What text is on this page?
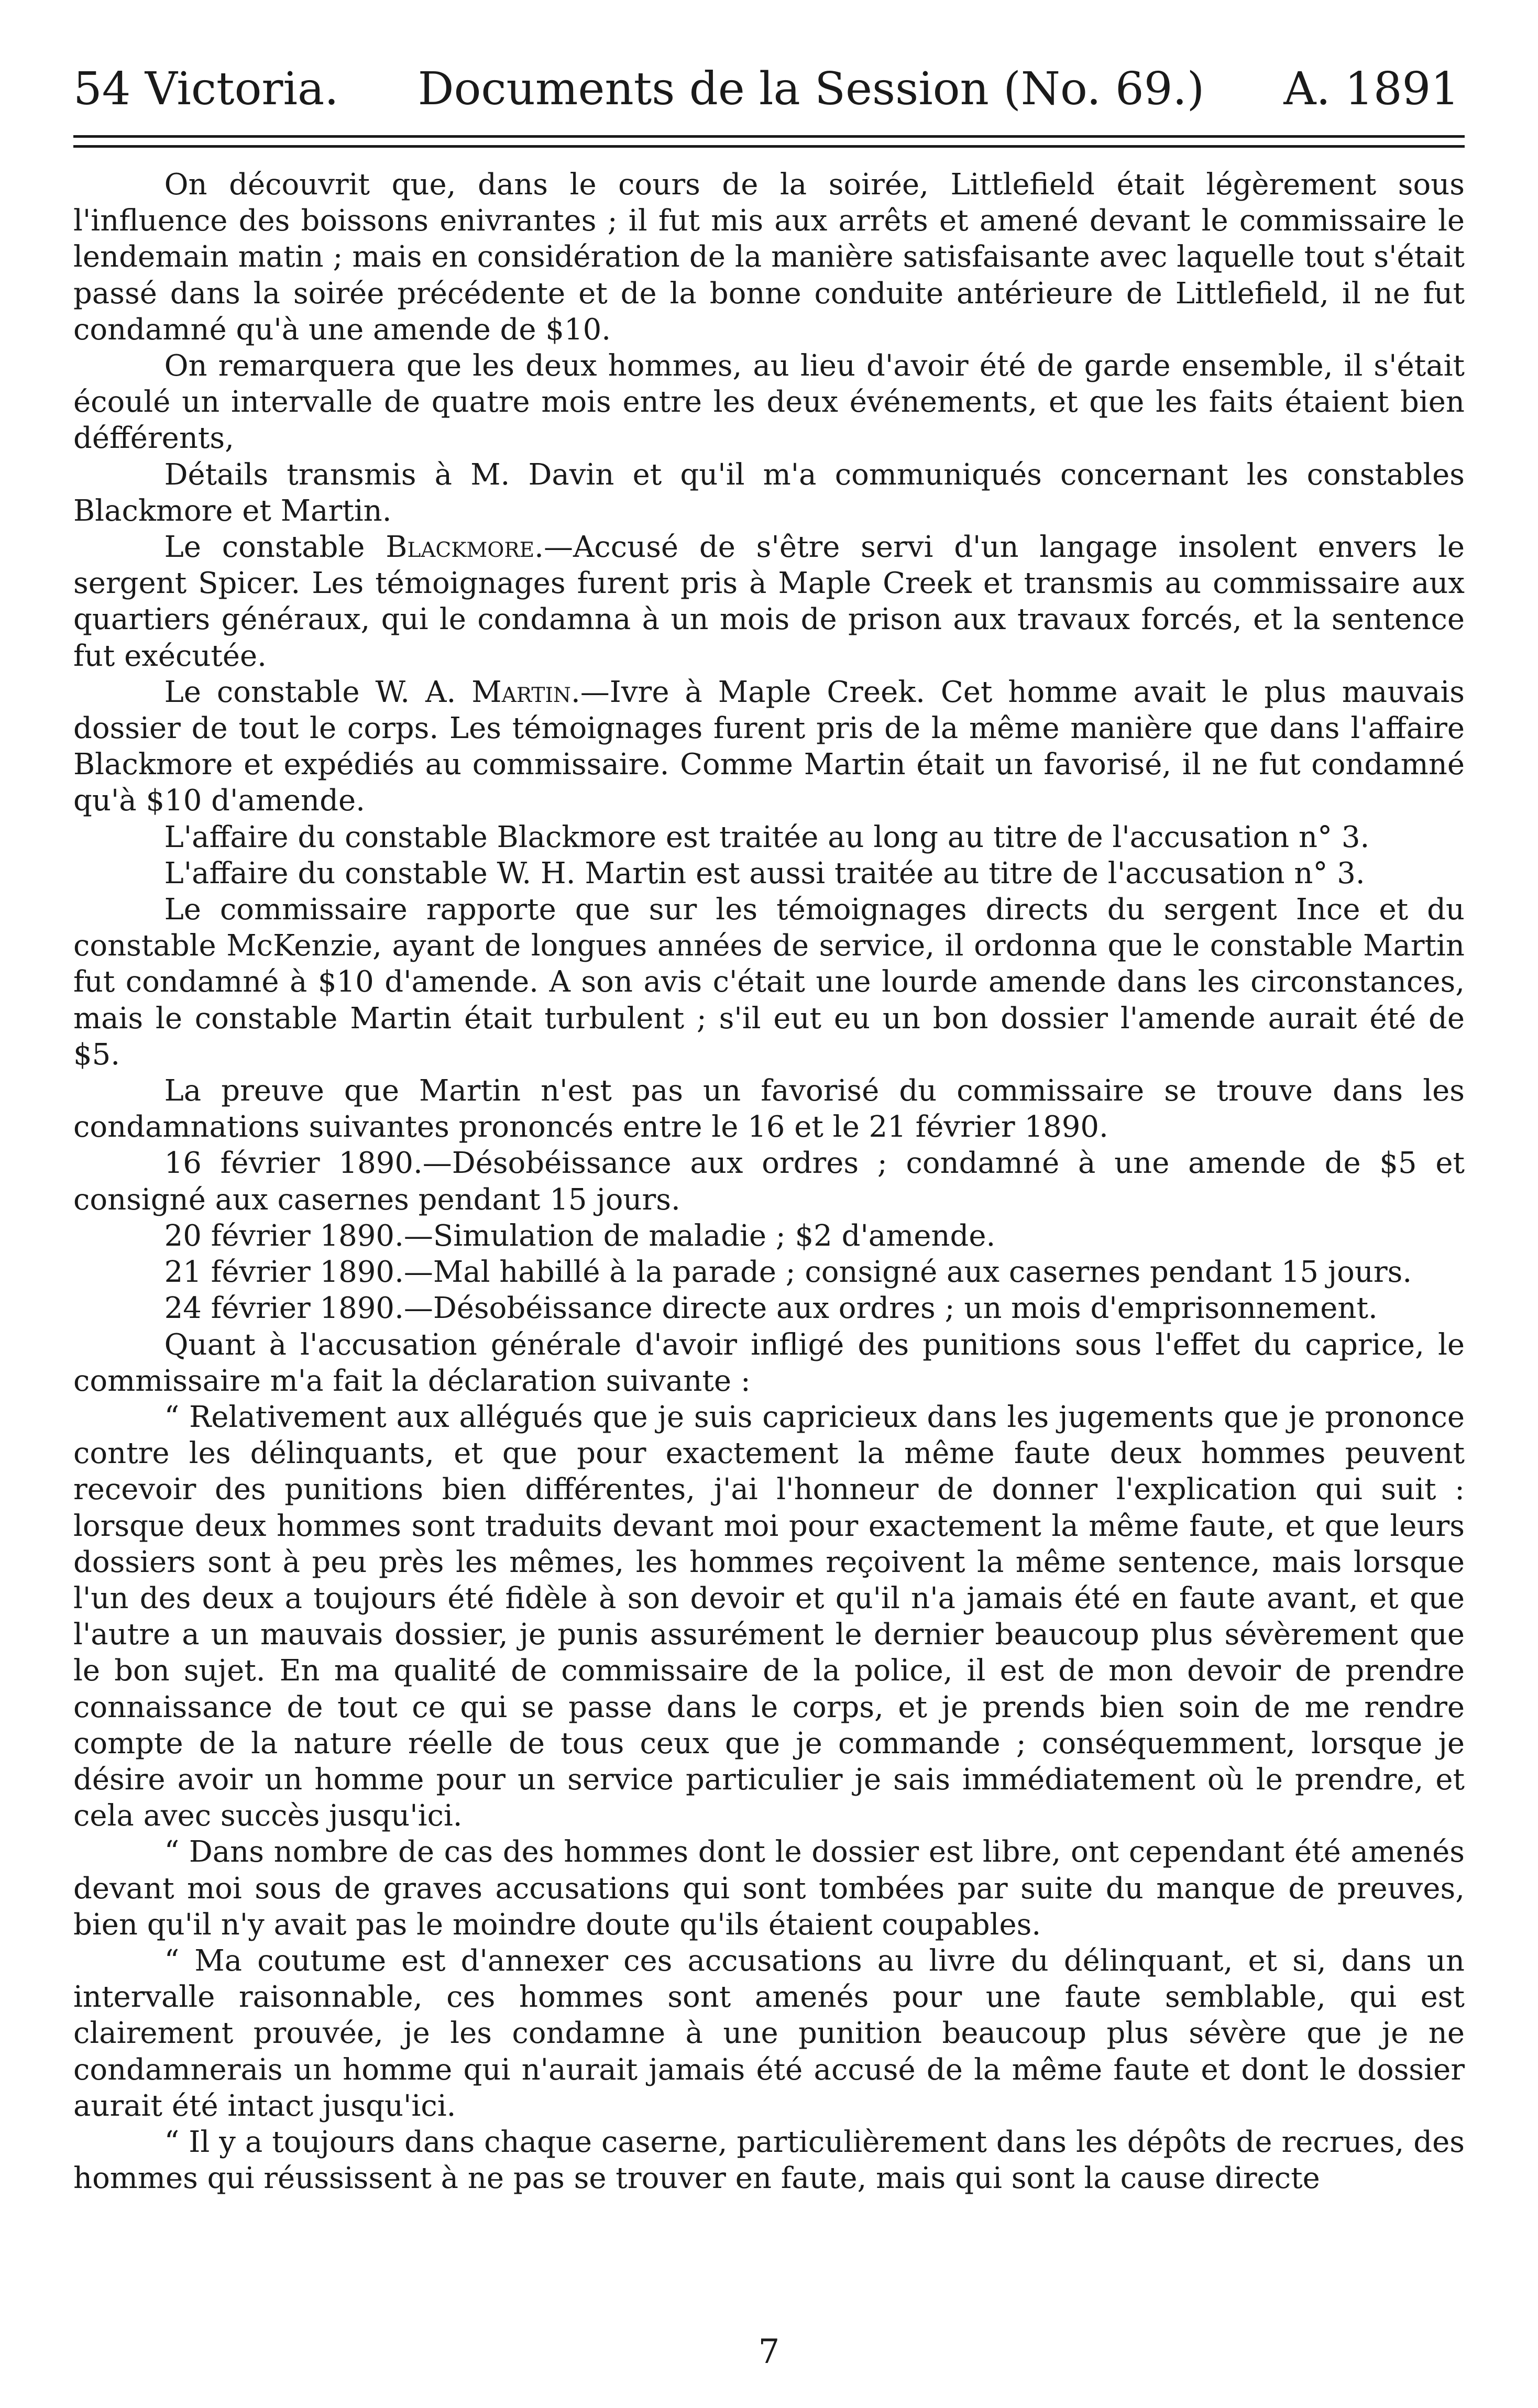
54 Victoria. Documents de la Session (No. 69.) A. 1891

On découvrit que, dans le cours de la soirée, Littlefield était légèrement sous l'influence des boissons enivrantes ; il fut mis aux arrêts et amené devant le commissaire le lendemain matin ; mais en considération de la manière satisfaisante avec laquelle tout s'était passé dans la soirée précédente et de la bonne conduite antérieure de Littlefield, il ne fut condamné qu'à une amende de $10.

On remarquera que les deux hommes, au lieu d'avoir été de garde ensemble, il s'était écoulé un intervalle de quatre mois entre les deux événements, et que les faits étaient bien défférents,

Détails transmis à M. Davin et qu'il m'a communiqués concernant les constables Blackmore et Martin.

Le constable Blackmore.—Accusé de s'être servi d'un langage insolent envers le sergent Spicer. Les témoignages furent pris à Maple Creek et transmis au commissaire aux quartiers généraux, qui le condamna à un mois de prison aux travaux forcés, et la sentence fut exécutée.

Le constable W. A. Martin.—Ivre à Maple Creek. Cet homme avait le plus mauvais dossier de tout le corps. Les témoignages furent pris de la même manière que dans l'affaire Blackmore et expédiés au commissaire. Comme Martin était un favorisé, il ne fut condamné qu'à $10 d'amende.

L'affaire du constable Blackmore est traitée au long au titre de l'accusation n° 3.

L'affaire du constable W. H. Martin est aussi traitée au titre de l'accusation n° 3.

Le commissaire rapporte que sur les témoignages directs du sergent Ince et du constable McKenzie, ayant de longues années de service, il ordonna que le constable Martin fut condamné à $10 d'amende. A son avis c'était une lourde amende dans les circonstances, mais le constable Martin était turbulent ; s'il eut eu un bon dossier l'amende aurait été de $5.

La preuve que Martin n'est pas un favorisé du commissaire se trouve dans les condamnations suivantes prononcés entre le 16 et le 21 février 1890.

16 février 1890.—Désobéissance aux ordres ; condamné à une amende de $5 et consigné aux casernes pendant 15 jours.

20 février 1890.—Simulation de maladie ; $2 d'amende.

21 février 1890.—Mal habillé à la parade ; consigné aux casernes pendant 15 jours.

24 février 1890.—Désobéissance directe aux ordres ; un mois d'emprisonnement.

Quant à l'accusation générale d'avoir infligé des punitions sous l'effet du caprice, le commissaire m'a fait la déclaration suivante :

“ Relativement aux allégués que je suis capricieux dans les jugements que je prononce contre les délinquants, et que pour exactement la même faute deux hommes peuvent recevoir des punitions bien différentes, j'ai l'honneur de donner l'explication qui suit : lorsque deux hommes sont traduits devant moi pour exactement la même faute, et que leurs dossiers sont à peu près les mêmes, les hommes reçoivent la même sentence, mais lorsque l'un des deux a toujours été fidèle à son devoir et qu'il n'a jamais été en faute avant, et que l'autre a un mauvais dossier, je punis assurément le dernier beaucoup plus sévèrement que le bon sujet. En ma qualité de commissaire de la police, il est de mon devoir de prendre connaissance de tout ce qui se passe dans le corps, et je prends bien soin de me rendre compte de la nature réelle de tous ceux que je commande ; conséquemment, lorsque je désire avoir un homme pour un service particulier je sais immédiatement où le prendre, et cela avec succès jusqu'ici.

“ Dans nombre de cas des hommes dont le dossier est libre, ont cependant été amenés devant moi sous de graves accusations qui sont tombées par suite du manque de preuves, bien qu'il n'y avait pas le moindre doute qu'ils étaient coupables.

“ Ma coutume est d'annexer ces accusations au livre du délinquant, et si, dans un intervalle raisonnable, ces hommes sont amenés pour une faute semblable, qui est clairement prouvée, je les condamne à une punition beaucoup plus sévère que je ne condamnerais un homme qui n'aurait jamais été accusé de la même faute et dont le dossier aurait été intact jusqu'ici.

“ Il y a toujours dans chaque caserne, particulièrement dans les dépôts de recrues, des hommes qui réussissent à ne pas se trouver en faute, mais qui sont la cause directe

7
